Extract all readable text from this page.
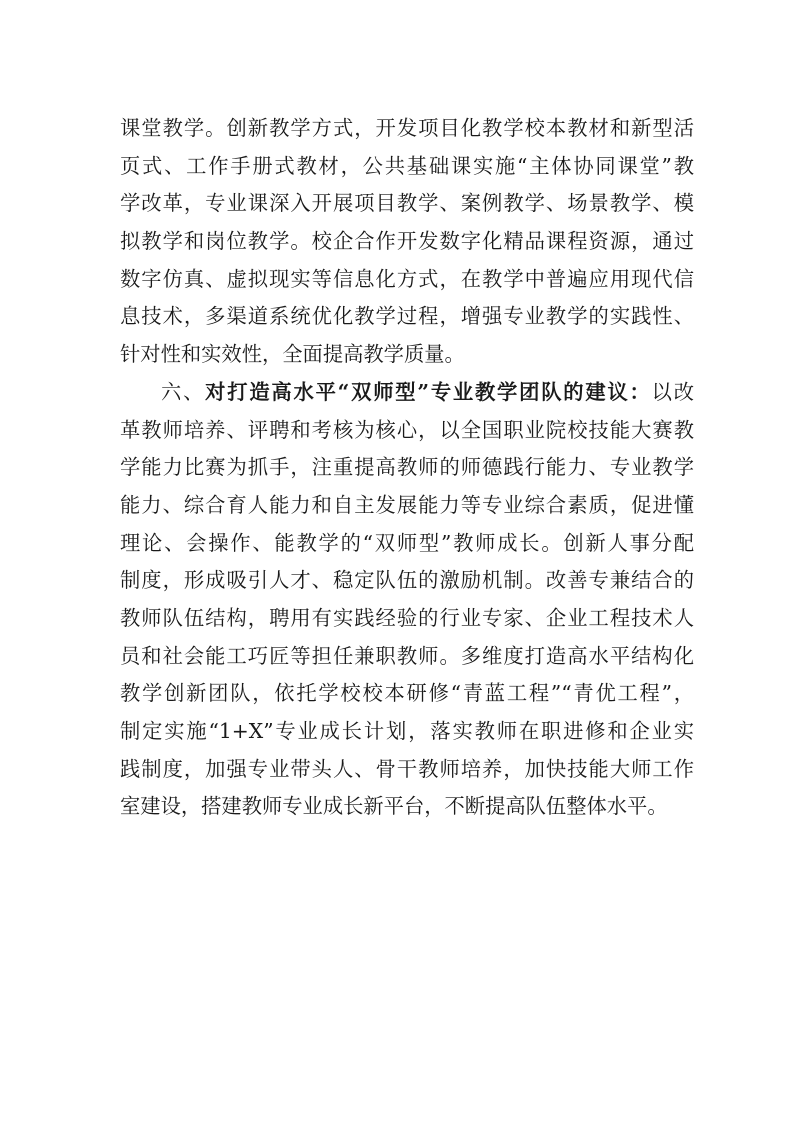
课堂教学。创新教学方式，开发项目化教学校本教材和新型活
页式、工作手册式教材，公共基础课实施“主体协同课堂”教
学改革，专业课深入开展项目教学、案例教学、场景教学、模
拟教学和岗位教学。校企合作开发数字化精品课程资源，通过
数字仿真、虚拟现实等信息化方式，在教学中普遍应用现代信
息技术，多渠道系统优化教学过程，增强专业教学的实践性、
针对性和实效性，全面提高教学质量。
六、对打造高水平“双师型”专业教学团队的建议：以改
革教师培养、评聘和考核为核心，以全国职业院校技能大赛教
学能力比赛为抓手，注重提高教师的师德践行能力、专业教学
能力、综合育人能力和自主发展能力等专业综合素质，促进懂
理论、会操作、能教学的“双师型”教师成长。创新人事分配
制度，形成吸引人才、稳定队伍的激励机制。改善专兼结合的
教师队伍结构，聘用有实践经验的行业专家、企业工程技术人
员和社会能工巧匠等担任兼职教师。多维度打造高水平结构化
教学创新团队，依托学校校本研修“青蓝工程”“青优工程”，
制定实施“1+X”专业成长计划，落实教师在职进修和企业实
践制度，加强专业带头人、骨干教师培养，加快技能大师工作
室建设，搭建教师专业成长新平台，不断提高队伍整体水平。
